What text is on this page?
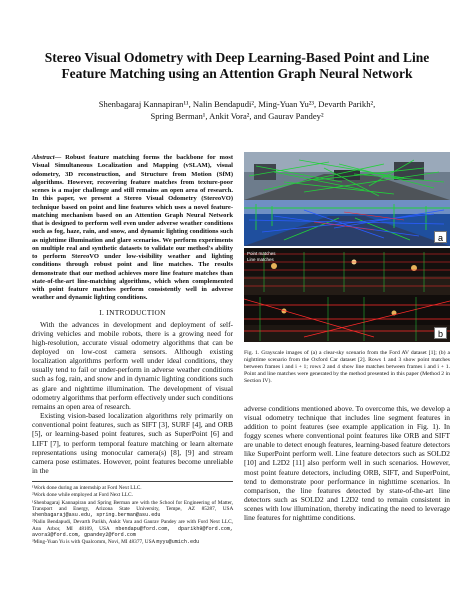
Stereo Visual Odometry with Deep Learning-Based Point and Line Feature Matching using an Attention Graph Neural Network
Shenbagaraj Kannapiran¹¹, Nalin Bendapudi², Ming-Yuan Yu²³, Devarth Parikh²,
Spring Berman¹, Ankit Vora², and Gaurav Pandey²

Abstract— Robust feature matching forms the backbone for most Visual Simultaneous Localization and Mapping (vSLAM), visual odometry, 3D reconstruction, and Structure from Motion (SfM) algorithms. However, recovering feature matches from texture-poor scenes is a major challenge and still remains an open area of research. In this paper, we present a Stereo Visual Odometry (StereoVO) technique based on point and line features which uses a novel feature-matching mechanism based on an Attention Graph Neural Network that is designed to perform well even under adverse weather conditions such as fog, haze, rain, and snow, and dynamic lighting conditions such as nighttime illumination and glare scenarios. We perform experiments on multiple real and synthetic datasets to validate our method's ability to perform StereoVO under low-visibility weather and lighting conditions through robust point and line matches. The results demonstrate that our method achieves more line feature matches than state-of-the-art line-matching algorithms, which when complemented with point feature matches perform consistently well in adverse weather and dynamic lighting conditions.

I. INTRODUCTION

With the advances in development and deployment of self-driving vehicles and mobile robots, there is a growing need for high-resolution, accurate visual odometry algorithms that can be deployed on low-cost camera sensors. Although existing localization algorithms perform well under ideal conditions, they usually tend to fail or under-perform in adverse weather conditions such as fog, rain, and snow and in dynamic lighting conditions such as glare and nighttime illumination. The development of visual odometry algorithms that perform effectively under such conditions remains an open area of research.

Existing vision-based localization algorithms rely primarily on conventional point features, such as SIFT [3], SURF [4], and ORB [5], or learning-based point features, such as SuperPoint [6] and LIFT [7], to perform temporal feature matching or learn alternate representations using monocular camera(s) [8], [9] and stream camera pose estimates. However, point features become unreliable in the

¹Work done during an internship at Ford Next LLC.

²Work done while employed at Ford Next LLC.

¹Shenbagaraj Kannapiran and Spring Berman are with the School for Engineering of Matter, Transport and Energy, Arizona State University, Tempe, AZ 85287, USA shenbagaraj@asu.edu, spring.berman@asu.edu

²Nalin Bendapudi, Devarth Parikh, Ankit Vora and Gaurav Pandey are with Ford Next LLC, Ann Arbor, MI 48109, USA nbendapu@ford.com, dparikh9@ford.com, avora3@ford.com, gpandey2@ford.com

³Ming-Yuan Yu is with Qualcomm, Novi, MI 48377, USA myyu@umich.edu

a
Point matches
Line matches
b

Fig. 1. Grayscale images of (a) a clear-sky scenario from the Ford AV dataset [1]; (b) a nighttime scenario from the Oxford Car dataset [2]. Rows 1 and 3 show point matches between frames i and i + 1; rows 2 and 4 show line matches between frames i and i + 1. Point and line matches were generated by the method presented in this paper (Method 2 in Section IV).

adverse conditions mentioned above. To overcome this, we develop a visual odometry technique that includes line segment features in addition to point features (see example application in Fig. 1). In foggy scenes where conventional point features like ORB and SIFT are unable to detect enough features, learning-based feature detectors like SuperPoint perform well. Line feature detectors such as SOLD2 [10] and L2D2 [11] also perform well in such scenarios. However, most point feature detectors, including ORB, SIFT, and SuperPoint, tend to demonstrate poor performance in nighttime scenarios. In comparison, the line features detected by state-of-the-art line detectors such as SOLD2 and L2D2 tend to remain consistent in scenes with low illumination, thereby indicating the need to leverage line features for nighttime conditions.
